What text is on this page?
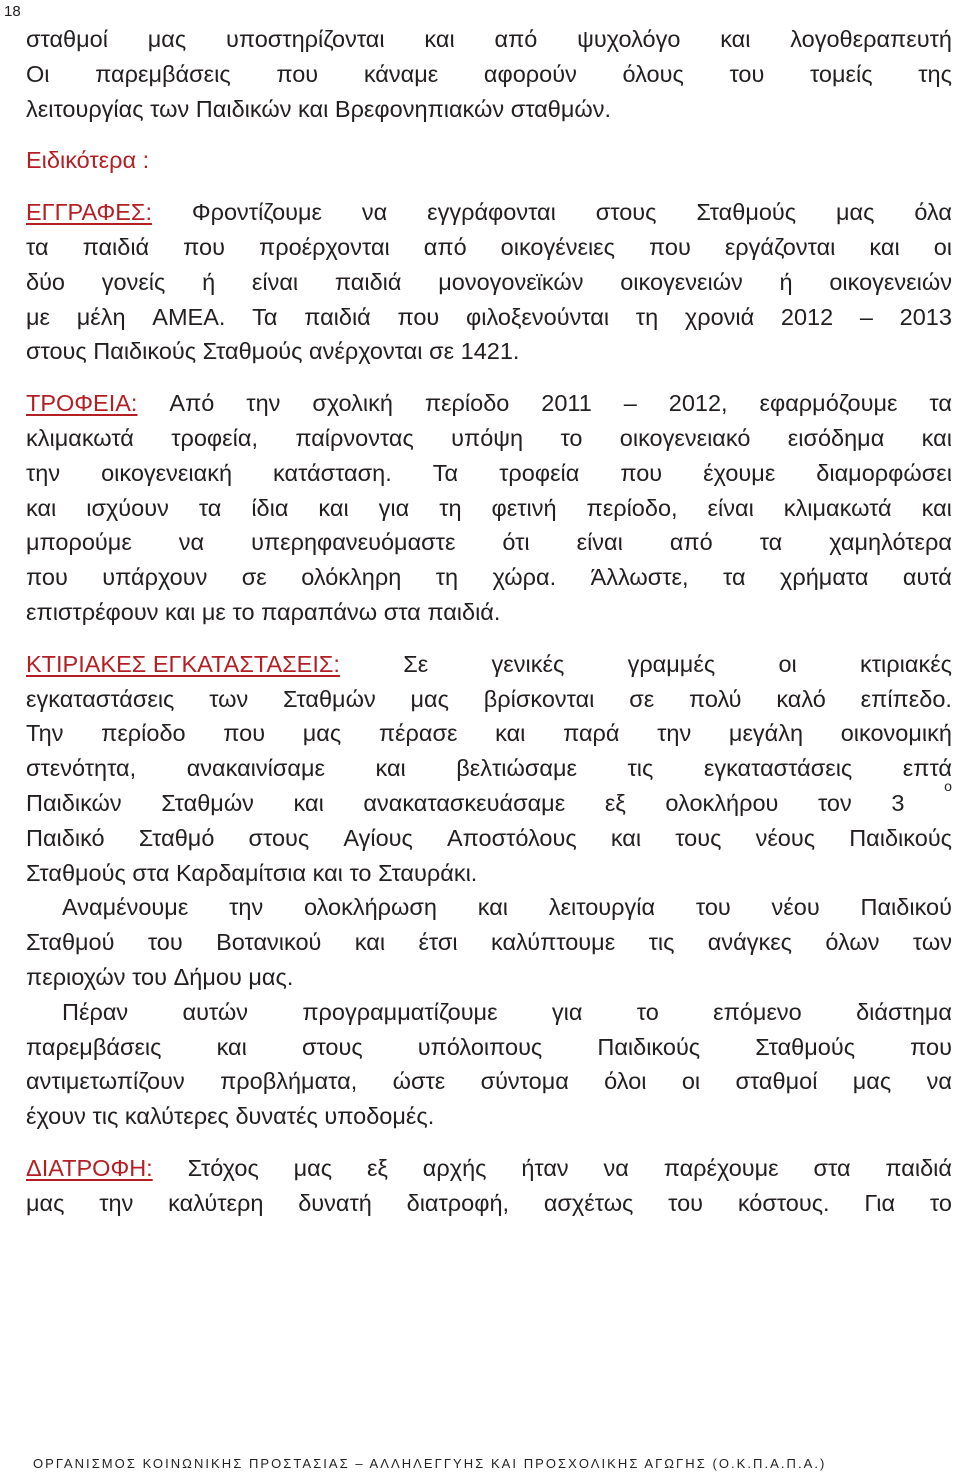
18
σταθμοί μας υποστηρίζονται και από ψυχολόγο και λογοθεραπευτή
Οι παρεμβάσεις που κάναμε αφορούν όλους του τομείς της
λειτουργίας των Παιδικών και Βρεφονηπιακών σταθμών.
Ειδικότερα :
ΕΓΓΡΑΦΕΣ: Φροντίζουμε να εγγράφονται στους Σταθμούς μας όλα
τα παιδιά που προέρχονται από οικογένειες που εργάζονται και οι
δύο γονείς ή είναι παιδιά μονογονεϊκών οικογενειών ή οικογενειών
με μέλη ΑΜΕΑ. Τα παιδιά που φιλοξενούνται τη χρονιά 2012 – 2013
στους Παιδικούς Σταθμούς ανέρχονται σε 1421.
ΤΡΟΦΕΙΑ: Από την σχολική περίοδο 2011 – 2012, εφαρμόζουμε τα
κλιμακωτά τροφεία, παίρνοντας υπόψη το οικογενειακό εισόδημα και
την οικογενειακή κατάσταση. Τα τροφεία που έχουμε διαμορφώσει
και ισχύουν τα ίδια και για τη φετινή περίοδο, είναι κλιμακωτά και
μπορούμε να υπερηφανευόμαστε ότι είναι από τα χαμηλότερα
που υπάρχουν σε ολόκληρη τη χώρα. Άλλωστε, τα χρήματα αυτά
επιστρέφουν και με το παραπάνω στα παιδιά.
ΚΤΙΡΙΑΚΕΣ ΕΓΚΑΤΑΣΤΑΣΕΙΣ:	Σε	γενικές	γραμμές	οι	κτιριακές
εγκαταστάσεις των Σταθμών μας βρίσκονται σε πολύ καλό επίπεδο.
Την περίοδο που μας πέρασε και παρά την μεγάλη οικονομική
στενότητα, ανακαινίσαμε και βελτιώσαμε τις εγκαταστάσεις επτά
Παιδικών Σταθμών και ανακατασκευάσαμε εξ ολοκλήρου τον 3
ο
Παιδικό Σταθμό στους Αγίους Αποστόλους και τους νέους Παιδικούς
Σταθμούς στα Καρδαμίτσια και το Σταυράκι.
Αναμένουμε την ολοκλήρωση και λειτουργία του νέου Παιδικού
Σταθμού του Βοτανικού και έτσι καλύπτουμε τις ανάγκες όλων των
περιοχών του Δήμου μας.
Πέραν αυτών προγραμματίζουμε για το επόμενο διάστημα
παρεμβάσεις και στους υπόλοιπους Παιδικούς Σταθμούς που
αντιμετωπίζουν προβλήματα, ώστε σύντομα όλοι οι σταθμοί μας να
έχουν τις καλύτερες δυνατές υποδομές.
ΔΙΑΤΡΟΦΗ: Στόχος μας εξ αρχής ήταν να παρέχουμε στα παιδιά
μας την καλύτερη δυνατή διατροφή, ασχέτως του κόστους. Για το
ΟΡΓΑΝΙΣΜΟΣ ΚΟΙΝΩΝΙΚΗΣ ΠΡΟΣΤΑΣΙΑΣ – ΑΛΛΗΛΕΓΓΥΗΣ ΚΑΙ ΠΡΟΣΧΟΛΙΚΗΣ ΑΓΩΓΗΣ (Ο.Κ.Π.Α.Π.Α.)
